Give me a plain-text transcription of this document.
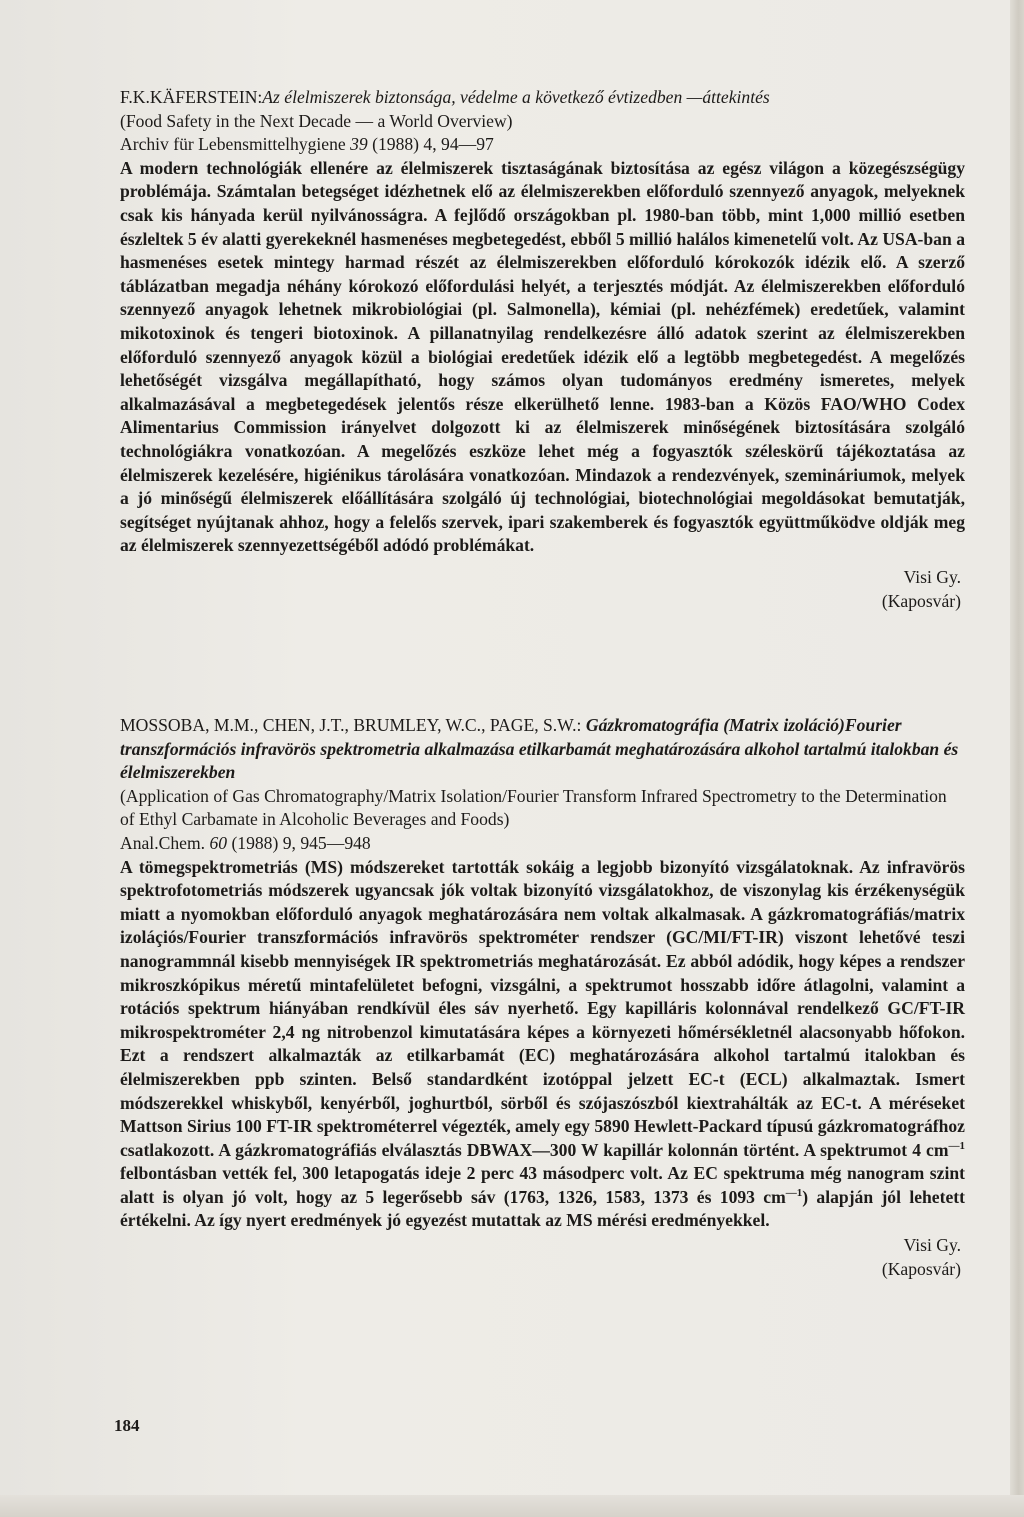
F.K.KÄFERSTEIN:Az élelmiszerek biztonsága, védelme a következő évtizedben —áttekintés

(Food Safety in the Next Decade — a World Overview)

Archiv für Lebensmittelhygiene 39 (1988) 4, 94—97

A modern technológiák ellenére az élelmiszerek tisztaságának biztosítása az egész világon a közegészségügy problémája. Számtalan betegséget idézhetnek elő az élelmiszerekben előforduló szennyező anyagok, melyeknek csak kis hányada kerül nyilvánosságra. A fejlődő országokban pl. 1980-ban több, mint 1,000 millió esetben észleltek 5 év alatti gyerekeknél hasmenéses megbetegedést, ebből 5 millió halálos kimenetelű volt. Az USA-ban a hasmenéses esetek mintegy harmad részét az élelmiszerekben előforduló kórokozók idézik elő. A szerző táblázatban megadja néhány kórokozó előfordulási helyét, a terjesztés módját. Az élelmiszerekben előforduló szennyező anyagok lehetnek mikrobiológiai (pl. Salmonella), kémiai (pl. nehézfémek) eredetűek, valamint mikotoxinok és tengeri biotoxinok. A pillanatnyilag rendelkezésre álló adatok szerint az élelmiszerekben előforduló szennyező anyagok közül a biológiai eredetűek idézik elő a legtöbb megbetegedést. A megelőzés lehetőségét vizsgálva megállapítható, hogy számos olyan tudományos eredmény ismeretes, melyek alkalmazásával a megbetegedések jelentős része elkerülhető lenne. 1983-ban a Közös FAO/WHO Codex Alimentarius Commission irányelvet dolgozott ki az élelmiszerek minőségének biztosítására szolgáló technológiákra vonatkozóan. A megelőzés eszköze lehet még a fogyasztók széleskörű tájékoztatása az élelmiszerek kezelésére, higiénikus tárolására vonatkozóan. Mindazok a rendezvények, szemináriumok, melyek a jó minőségű élelmiszerek előállítására szolgáló új technológiai, biotechnológiai megoldásokat bemutatják, segítséget nyújtanak ahhoz, hogy a felelős szervek, ipari szakemberek és fogyasztók együttműködve oldják meg az élelmiszerek szennyezettségéből adódó problémákat.

Visi Gy.

(Kaposvár)

MOSSOBA, M.M., CHEN, J.T., BRUMLEY, W.C., PAGE, S.W.: Gázkromatográfia (Matrix izoláció)Fourier transzformációs infravörös spektrometria alkalmazása etilkarbamát meghatározására alkohol tartalmú italokban és élelmiszerekben

(Application of Gas Chromatography/Matrix Isolation/Fourier Transform Infrared Spectrometry to the Determination of Ethyl Carbamate in Alcoholic Beverages and Foods)

Anal.Chem. 60 (1988) 9, 945—948

A tömegspektrometriás (MS) módszereket tartották sokáig a legjobb bizonyító vizsgálatoknak. Az infravörös spektrofotometriás módszerek ugyancsak jók voltak bizonyító vizsgálatokhoz, de viszonylag kis érzékenységük miatt a nyomokban előforduló anyagok meghatározására nem voltak alkalmasak. A gázkromatográfiás/matrix izoláçiós/Fourier transzformációs infravörös spektrométer rendszer (GC/MI/FT-IR) viszont lehetővé teszi nanogrammnál kisebb mennyiségek IR spektrometriás meghatározását. Ez abból adódik, hogy képes a rendszer mikroszkópikus méretű mintafelületet befogni, vizsgálni, a spektrumot hosszabb időre átlagolni, valamint a rotációs spektrum hiányában rendkívül éles sáv nyerhető. Egy kapilláris kolonnával rendelkező GC/FT-IR mikrospektrométer 2,4 ng nitrobenzol kimutatására képes a környezeti hőmérsékletnél alacsonyabb hőfokon. Ezt a rendszert alkalmazták az etilkarbamát (EC) meghatározására alkohol tartalmú italokban és élelmiszerekben ppb szinten. Belső standardként izotóppal jelzett EC-t (ECL) alkalmaztak. Ismert módszerekkel whiskyből, kenyérből, joghurtból, sörből és szójaszószból kiextrahálták az EC-t. A méréseket Mattson Sirius 100 FT-IR spektrométerrel végezték, amely egy 5890 Hewlett-Packard típusú gázkromatográfhoz csatlakozott. A gázkromatográfiás elválasztás DBWAX—300 W kapillár kolonnán történt. A spektrumot 4 $cm^{—1}$ felbontásban vették fel, 300 letapogatás ideje 2 perc 43 másodperc volt. Az EC spektruma még nanogram szint alatt is olyan jó volt, hogy az 5 legerősebb sáv (1763, 1326, 1583, 1373 és 1093 $cm^{—1}$) alapján jól lehetett értékelni. Az így nyert eredmények jó egyezést mutattak az MS mérési eredményekkel.

Visi Gy.

(Kaposvár)

184
